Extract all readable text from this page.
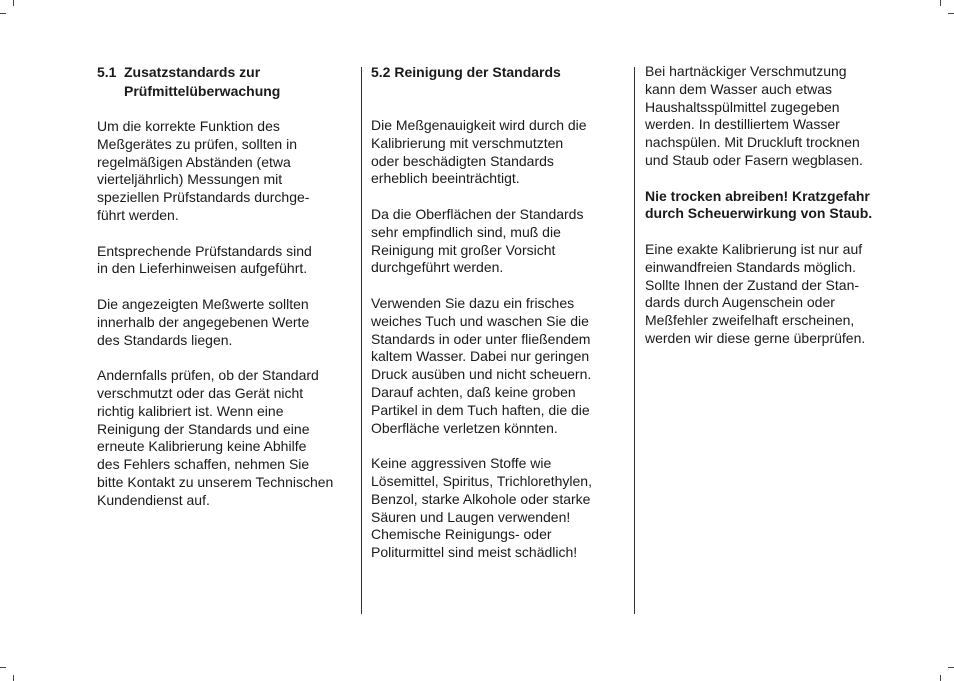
5.1 Zusatzstandards zur
Prüfmittelüberwachung

Um die korrekte Funktion des
Meßgerätes zu prüfen, sollten in
regelmäßigen Abständen (etwa
vierteljährlich) Messungen mit
speziellen Prüfstandards durchge-
führt werden.

Entsprechende Prüfstandards sind
in den Lieferhinweisen aufgeführt.

Die angezeigten Meßwerte sollten
innerhalb der angegebenen Werte
des Standards liegen.

Andernfalls prüfen, ob der Standard
verschmutzt oder das Gerät nicht
richtig kalibriert ist. Wenn eine
Reinigung der Standards und eine
erneute Kalibrierung keine Abhilfe
des Fehlers schaffen, nehmen Sie
bitte Kontakt zu unserem Technischen
Kundendienst auf.

5.2 Reinigung der Standards

Die Meßgenauigkeit wird durch die
Kalibrierung mit verschmutzten
oder beschädigten Standards
erheblich beeinträchtigt.

Da die Oberflächen der Standards
sehr empfindlich sind, muß die
Reinigung mit großer Vorsicht
durchgeführt werden.

Verwenden Sie dazu ein frisches
weiches Tuch und waschen Sie die
Standards in oder unter fließendem
kaltem Wasser. Dabei nur geringen
Druck ausüben und nicht scheuern.
Darauf achten, daß keine groben
Partikel in dem Tuch haften, die die
Oberfläche verletzen könnten.

Keine aggressiven Stoffe wie
Lösemittel, Spiritus, Trichlorethylen,
Benzol, starke Alkohole oder starke
Säuren und Laugen verwenden!
Chemische Reinigungs- oder
Politurmittel sind meist schädlich!

Bei hartnäckiger Verschmutzung
kann dem Wasser auch etwas
Haushaltsspülmittel zugegeben
werden. In destilliertem Wasser
nachspülen. Mit Druckluft trocknen
und Staub oder Fasern wegblasen.

Nie trocken abreiben! Kratzgefahr
durch Scheuerwirkung von Staub.

Eine exakte Kalibrierung ist nur auf
einwandfreien Standards möglich.
Sollte Ihnen der Zustand der Stan-
dards durch Augenschein oder
Meßfehler zweifelhaft erscheinen,
werden wir diese gerne überprüfen.
